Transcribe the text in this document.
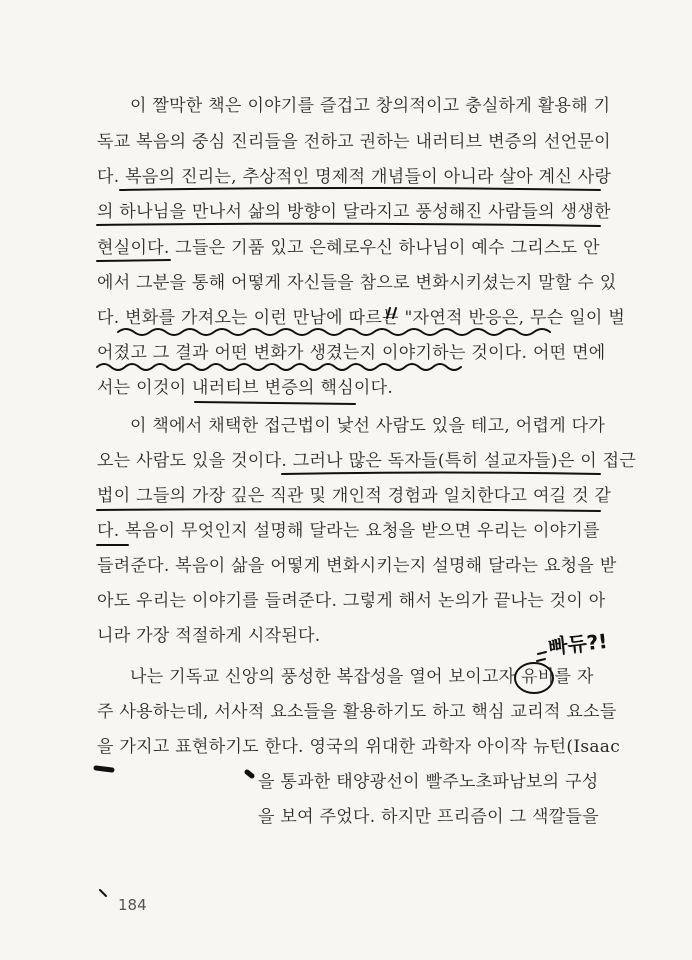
이 짤막한 책은 이야기를 즐겁고 창의적이고 충실하게 활용해 기
독교 복음의 중심 진리들을 전하고 권하는 내러티브 변증의 선언문이
다. 복음의 진리는, 추상적인 명제적 개념들이 아니라 살아 계신 사랑
의 하나님을 만나서 삶의 방향이 달라지고 풍성해진 사람들의 생생한
현실이다. 그들은 기품 있고 은혜로우신 하나님이 예수 그리스도 안
에서 그분을 통해 어떻게 자신들을 참으로 변화시키셨는지 말할 수 있
다. 변화를 가져오는 이런 만남에 따르는 "자연적 반응은, 무슨 일이 벌
어졌고 그 결과 어떤 변화가 생겼는지 이야기하는 것이다. 어떤 면에
서는 이것이 내러티브 변증의 핵심이다.
이 책에서 채택한 접근법이 낯선 사람도 있을 테고, 어렵게 다가
오는 사람도 있을 것이다. 그러나 많은 독자들(특히 설교자들)은 이 접근
법이 그들의 가장 깊은 직관 및 개인적 경험과 일치한다고 여길 것 같
다. 복음이 무엇인지 설명해 달라는 요청을 받으면 우리는 이야기를
들려준다. 복음이 삶을 어떻게 변화시키는지 설명해 달라는 요청을 받
아도 우리는 이야기를 들려준다. 그렇게 해서 논의가 끝나는 것이 아
니라 가장 적절하게 시작된다.
나는 기독교 신앙의 풍성한 복잡성을 열어 보이고자 유비를 자
주 사용하는데, 서사적 요소들을 활용하기도 하고 핵심 교리적 요소들
을 가지고 표현하기도 한다. 영국의 위대한 과학자 아이작 뉴턴(Isaac
을 통과한 태양광선이 빨주노초파남보의 구성
을 보여 주었다. 하지만 프리즘이 그 색깔들을
빠듀?!
184
